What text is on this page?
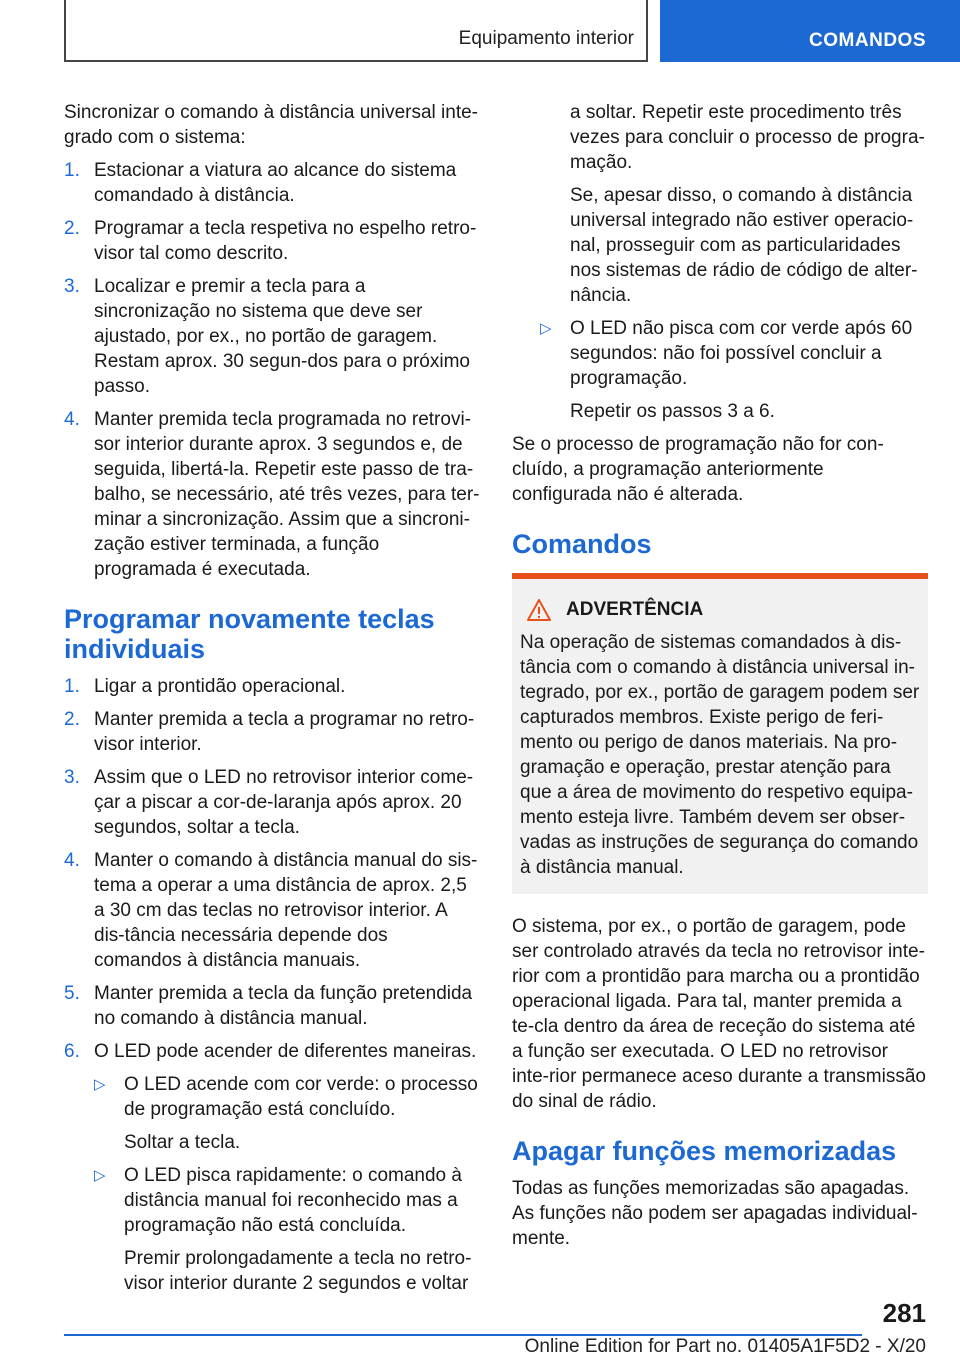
Equipamento interior	COMANDOS

Sincronizar o comando à distância universal inte-grado com o sistema:

1. Estacionar a viatura ao alcance do sistema comandado à distância.
2. Programar a tecla respetiva no espelho retro-visor tal como descrito.
3. Localizar e premir a tecla para a sincronização no sistema que deve ser ajustado, por ex., no portão de garagem. Restam aprox. 30 segun-dos para o próximo passo.
4. Manter premida tecla programada no retrovi-sor interior durante aprox. 3 segundos e, de seguida, libertá-la. Repetir este passo de tra-balho, se necessário, até três vezes, para ter-minar a sincronização. Assim que a sincroni-zação estiver terminada, a função programada é executada.
Programar novamente teclas individuais
1. Ligar a prontidão operacional.
2. Manter premida a tecla a programar no retro-visor interior.
3. Assim que o LED no retrovisor interior come-çar a piscar a cor-de-laranja após aprox. 20 segundos, soltar a tecla.
4. Manter o comando à distância manual do sis-tema a operar a uma distância de aprox. 2,5 a 30 cm das teclas no retrovisor interior. A dis-tância necessária depende dos comandos à distância manuais.
5. Manter premida a tecla da função pretendida no comando à distância manual.
6. O LED pode acender de diferentes maneiras.
▷ O LED acende com cor verde: o processo de programação está concluído.
Soltar a tecla.
▷ O LED pisca rapidamente: o comando à distância manual foi reconhecido mas a programação não está concluída.
Premir prolongadamente a tecla no retro-visor interior durante 2 segundos e voltar
a soltar. Repetir este procedimento três vezes para concluir o processo de progra-mação.
Se, apesar disso, o comando à distância universal integrado não estiver operacio-nal, prosseguir com as particularidades nos sistemas de rádio de código de alter-nância.
▷ O LED não pisca com cor verde após 60 segundos: não foi possível concluir a programação.
Repetir os passos 3 a 6.

Se o processo de programação não for con-cluído, a programação anteriormente configurada não é alterada.

Comandos
ADVERTÊNCIA
Na operação de sistemas comandados à dis-tância com o comando à distância universal in-tegrado, por ex., portão de garagem podem ser capturados membros. Existe perigo de feri-mento ou perigo de danos materiais. Na pro-gramação e operação, prestar atenção para que a área de movimento do respetivo equipa-mento esteja livre. Também devem ser obser-vadas as instruções de segurança do comando à distância manual.

O sistema, por ex., o portão de garagem, pode ser controlado através da tecla no retrovisor inte-rior com a prontidão para marcha ou a prontidão operacional ligada. Para tal, manter premida a te-cla dentro da área de receção do sistema até a função ser executada. O LED no retrovisor inte-rior permanece aceso durante a transmissão do sinal de rádio.

Apagar funções memorizadas

Todas as funções memorizadas são apagadas. As funções não podem ser apagadas individual-mente.

281
Online Edition for Part no. 01405A1F5D2 - X/20
